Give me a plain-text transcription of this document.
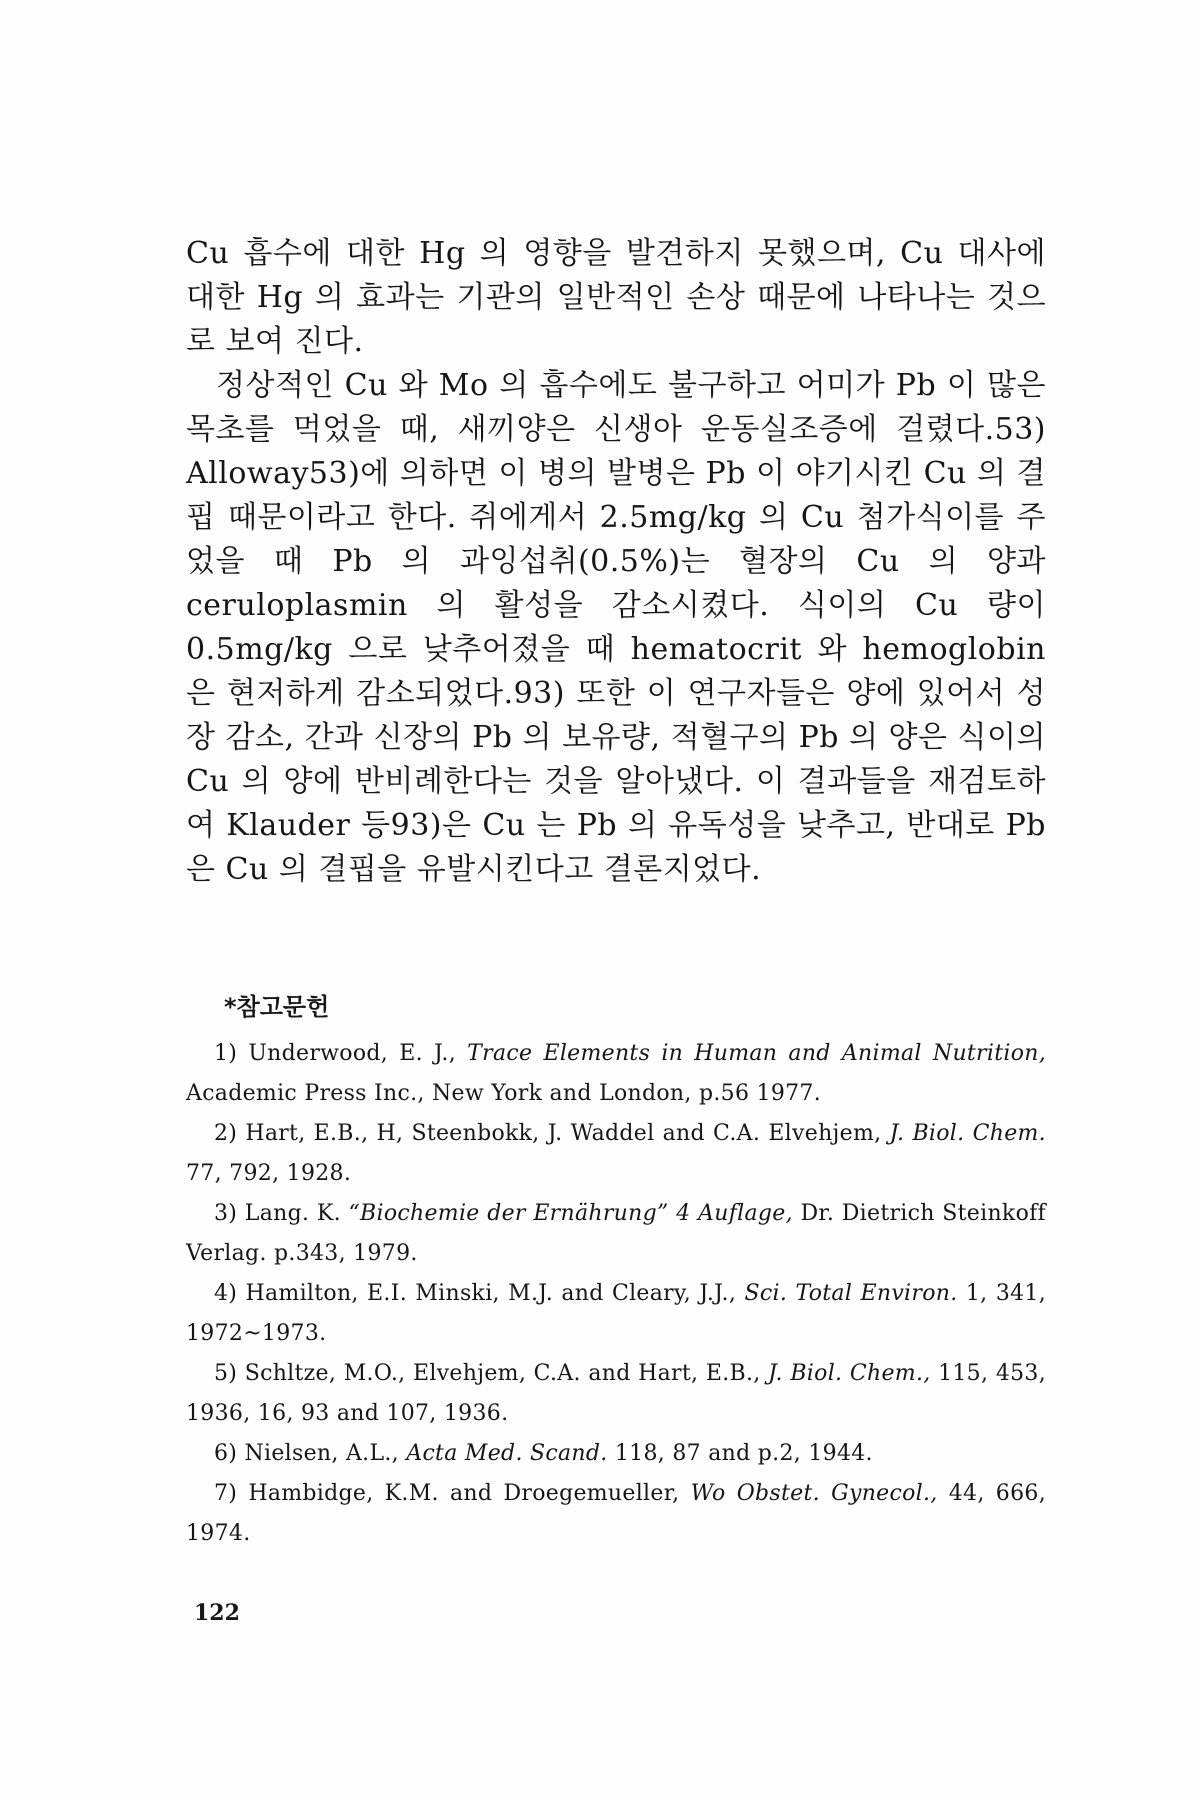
Cu 흡수에 대한 Hg 의 영향을 발견하지 못했으며, Cu 대사에 대한 Hg 의 효과는 기관의 일반적인 손상 때문에 나타나는 것으로 보여 진다.

정상적인 Cu 와 Mo 의 흡수에도 불구하고 어미가 Pb 이 많은 목초를 먹었을 때, 새끼양은 신생아 운동실조증에 걸렸다.53) Alloway53)에 의하면 이 병의 발병은 Pb 이 야기시킨 Cu 의 결핍 때문이라고 한다. 쥐에게서 2.5mg/kg 의 Cu 첨가식이를 주었을 때 Pb 의 과잉섭취(0.5%)는 혈장의 Cu 의 양과 ceruloplasmin 의 활성을 감소시켰다. 식이의 Cu 량이 0.5mg/kg 으로 낮추어졌을 때 hematocrit 와 hemoglobin 은 현저하게 감소되었다.93) 또한 이 연구자들은 양에 있어서 성장 감소, 간과 신장의 Pb 의 보유량, 적혈구의 Pb 의 양은 식이의 Cu 의 양에 반비례한다는 것을 알아냈다. 이 결과들을 재검토하여 Klauder 등93)은 Cu 는 Pb 의 유독성을 낮추고, 반대로 Pb 은 Cu 의 결핍을 유발시킨다고 결론지었다.

*참고문헌

1) Underwood, E. J., Trace Elements in Human and Animal Nutrition, Academic Press Inc., New York and London, p.56 1977.

2) Hart, E.B., H, Steenbokk, J. Waddel and C.A. Elvehjem, J. Biol. Chem. 77, 792, 1928.

3) Lang. K. “Biochemie der Ernährung” 4 Auflage, Dr. Dietrich Steinkoff Verlag. p.343, 1979.

4) Hamilton, E.I. Minski, M.J. and Cleary, J.J., Sci. Total Environ. 1, 341, 1972~1973.

5) Schltze, M.O., Elvehjem, C.A. and Hart, E.B., J. Biol. Chem., 115, 453, 1936, 16, 93 and 107, 1936.

6) Nielsen, A.L., Acta Med. Scand. 118, 87 and p.2, 1944.

7) Hambidge, K.M. and Droegemueller, Wo Obstet. Gynecol., 44, 666, 1974.

122
